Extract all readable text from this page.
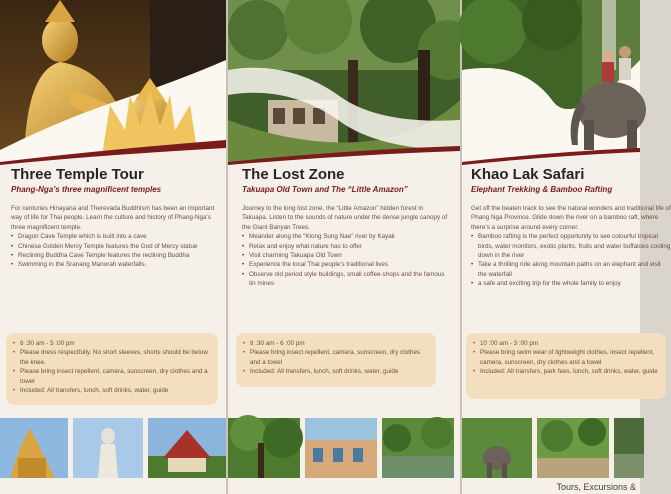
Three Temple Tour
Phang-Nga’s three magnificent temples

For centuries Hinayana and Therevada Buddhism has been an important way of life for Thai people. Learn the culture and history of Phang-Nga’s three magnificent temple.

• Dragon Cave Temple which is built into a cave
• Chinese Golden Mercy Temple features the God of Mercy statue
• Reclining Buddha Cave Temple features the reclining Buddha
• Swimming in the Sranang Manorah waterfalls.
• 8 :30 am - 5 :00 pm
• Please dress respectfully. No short sleeves, shorts should be below the knee.
• Please bring insect repellent, camera, sunscreen, dry clothes and a towel
• Included: All transfers, lunch, soft drinks, water, guide
The Lost Zone
Takuapa Old Town and The “Little Amazon”

Journey to the long lost zone, the “Little Amazon” hidden forest in Takuapa. Listen to the sounds of nature under the dense jungle canopy of the Giant Banyan Trees.

• Meander along the “Klong Sung Nae” river by Kayak
• Relax and enjoy what nature has to offer
• Visit charming Takuapa Old Town
• Experience the local Thai people’s traditional lives
• Observe old period style buildings, small coffee-shops and the famous tin mines
• 8 :30 am - 6 :00 pm
• Please bring insect repellent, camera, sunscreen, dry clothes and a towel
• Included: All transfers, lunch, soft drinks, water, guide
Khao Lak Safari
Elephant Trekking & Bamboo Rafting

Get off the beaten track to see the natural wonders and traditional life of Phang Nga Province. Glide down the river on a bamboo raft, where there’s a surprise around every corner.

• Bamboo rafting is the perfect opportunity to see colourful tropical birds, water monitors, exotic plants, fruits and water buffaloes cooling down in the river
• Take a thrilling ride along mountain paths on an elephant and visit the waterfall
• a safe and exciting trip for the whole family to enjoy
• 10 :00 am - 3 :00 pm
• Please bring swim wear of lightweight clothes, insect repellent, camera, sunscreen, dry clothes and a towel
• Included: All transfers, park fees, lunch, soft drinks, water, guide
Tours, Excursions &
